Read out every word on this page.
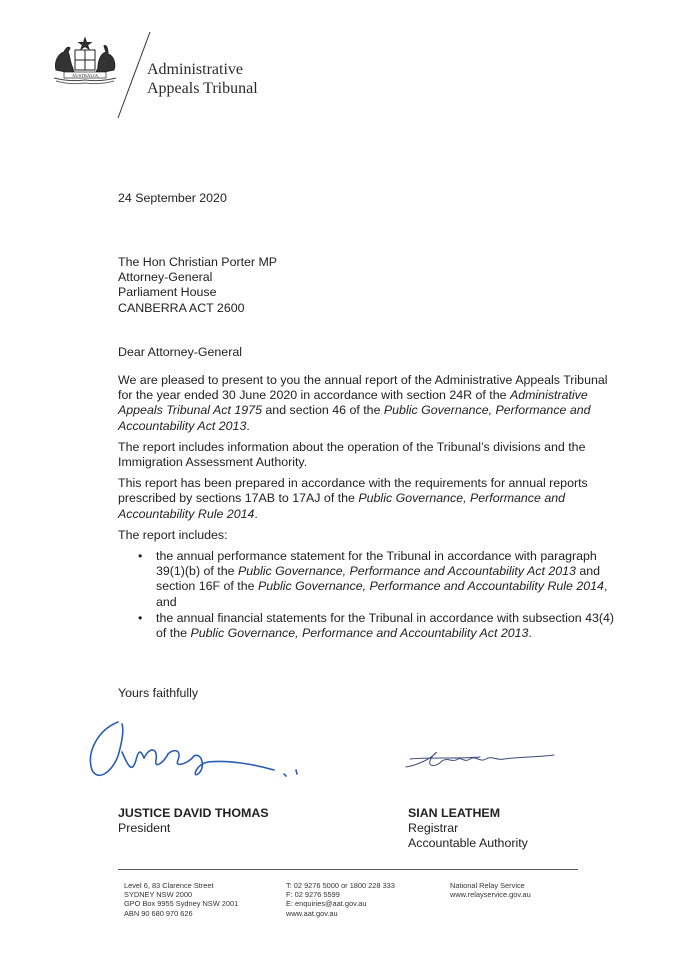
AUSTRALIA	Administrative
Appeals Tribunal
24 September 2020
The Hon Christian Porter MP
Attorney-General
Parliament House
CANBERRA ACT 2600
Dear Attorney-General

We are pleased to present to you the annual report of the Administrative Appeals Tribunal for the year ended 30 June 2020 in accordance with section 24R of the Administrative Appeals Tribunal Act 1975 and section 46 of the Public Governance, Performance and Accountability Act 2013.

The report includes information about the operation of the Tribunal’s divisions and the Immigration Assessment Authority.

This report has been prepared in accordance with the requirements for annual reports prescribed by sections 17AB to 17AJ of the Public Governance, Performance and Accountability Rule 2014.

The report includes:

• the annual performance statement for the Tribunal in accordance with paragraph 39(1)(b) of the Public Governance, Performance and Accountability Act 2013 and section 16F of the Public Governance, Performance and Accountability Rule 2014, and
• the annual financial statements for the Tribunal in accordance with subsection 43(4) of the Public Governance, Performance and Accountability Act 2013.
Yours faithfully
JUSTICE DAVID THOMAS
President
SIAN LEATHEM
Registrar
Accountable Authority
Level 6, 83 Clarence Street
SYDNEY NSW 2000
GPO Box 9955 Sydney NSW 2001
ABN 90 680 970 626
T: 02 9276 5000 or 1800 228 333
F: 02 9276 5599
E: enquiries@aat.gov.au
www.aat.gov.au
National Relay Service
www.relayservice.gov.au
